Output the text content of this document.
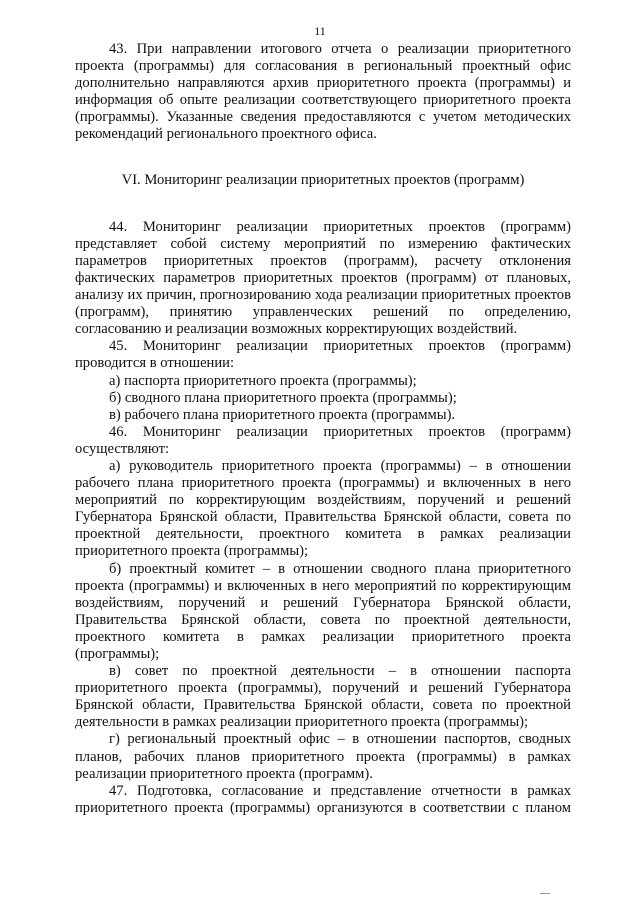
11

43. При направлении итогового отчета о реализации приоритетного проекта (программы) для согласования в региональный проектный офис дополнительно направляются архив приоритетного проекта (программы) и информация об опыте реализации соответствующего приоритетного проекта (программы). Указанные сведения предоставляются с учетом методических рекомендаций регионального проектного офиса.

VI. Мониторинг реализации приоритетных проектов (программ)

44. Мониторинг реализации приоритетных проектов (программ) представляет собой систему мероприятий по измерению фактических параметров приоритетных проектов (программ), расчету отклонения фактических параметров приоритетных проектов (программ) от плановых, анализу их причин, прогнозированию хода реализации приоритетных проектов (программ), принятию управленческих решений по определению, согласованию и реализации возможных корректирующих воздействий.

45. Мониторинг реализации приоритетных проектов (программ) проводится в отношении:

а) паспорта приоритетного проекта (программы);

б) сводного плана приоритетного проекта (программы);

в) рабочего плана приоритетного проекта (программы).

46. Мониторинг реализации приоритетных проектов (программ) осуществляют:

а) руководитель приоритетного проекта (программы) – в отношении рабочего плана приоритетного проекта (программы) и включенных в него мероприятий по корректирующим воздействиям, поручений и решений Губернатора Брянской области, Правительства Брянской области, совета по проектной деятельности, проектного комитета в рамках реализации приоритетного проекта (программы);

б) проектный комитет – в отношении сводного плана приоритетного проекта (программы) и включенных в него мероприятий по корректирующим воздействиям, поручений и решений Губернатора Брянской области, Правительства Брянской области, совета по проектной деятельности, проектного комитета в рамках реализации приоритетного проекта (программы);

в) совет по проектной деятельности – в отношении паспорта приоритетного проекта (программы), поручений и решений Губернатора Брянской области, Правительства Брянской области, совета по проектной деятельности в рамках реализации приоритетного проекта (программы);

г) региональный проектный офис – в отношении паспортов, сводных планов, рабочих планов приоритетного проекта (программы) в рамках реализации приоритетного проекта (программ).

47. Подготовка, согласование и представление отчетности в рамках приоритетного проекта (программы) организуются в соответствии с планом
